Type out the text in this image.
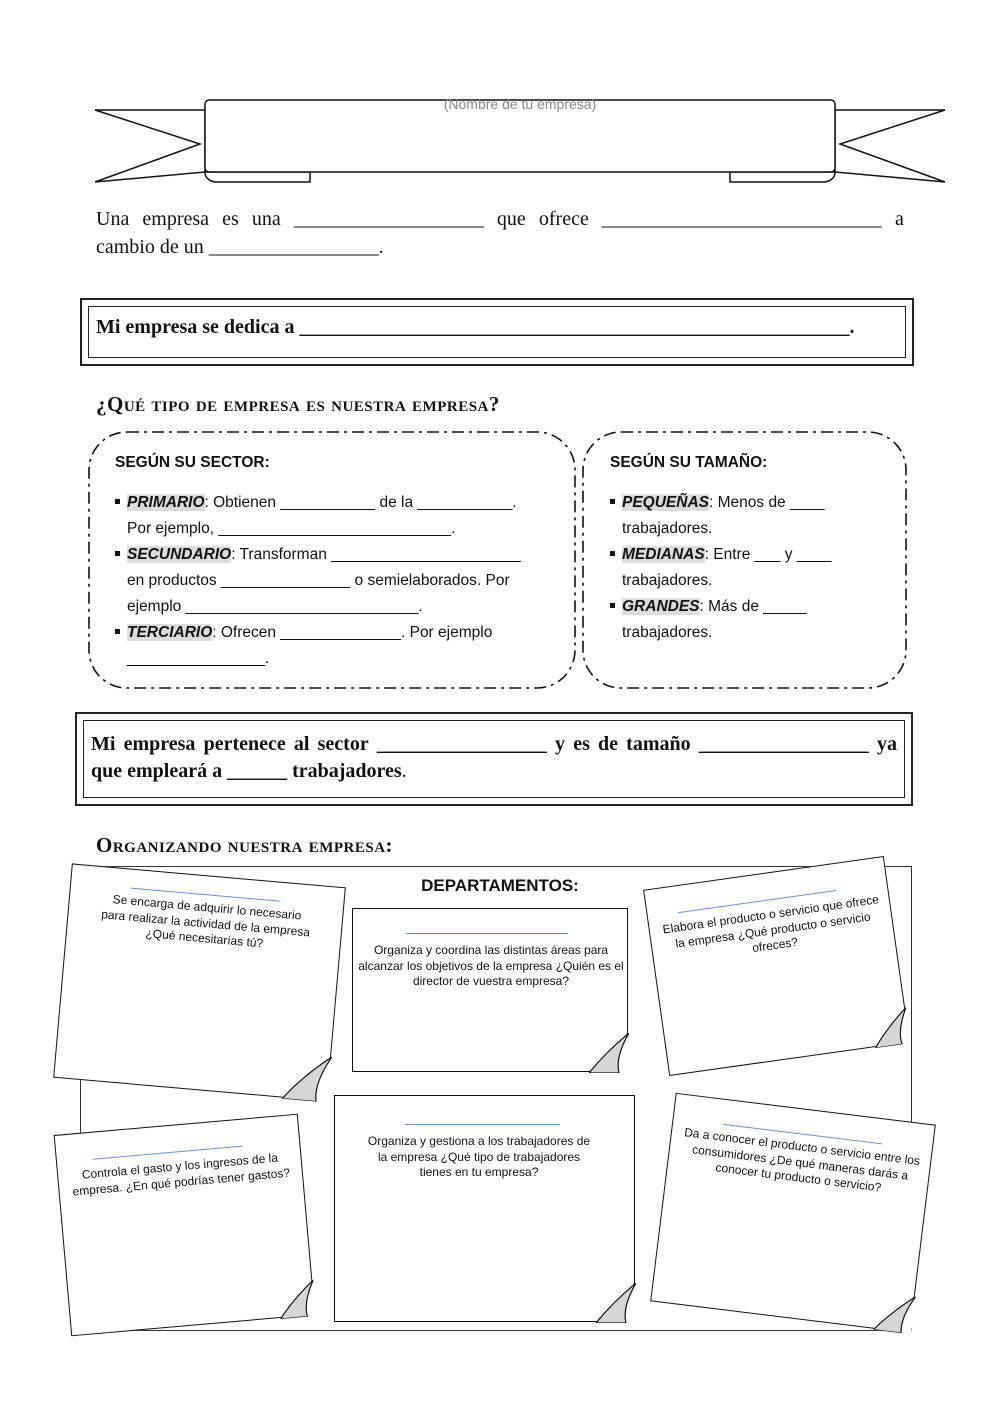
(Nombre de tu empresa)
Una empresa es una ___________________ que ofrece ____________________________ a
cambio de un _________________.
Mi empresa se dedica a _______________________________________________________.
¿Qué tipo de empresa es nuestra empresa?
SEGÚN SU SECTOR:
PRIMARIO: Obtienen ___________ de la ___________.
Por ejemplo, ___________________________.
SECUNDARIO: Transforman ______________________
en productos _______________ o semielaborados. Por
ejemplo ___________________________.
TERCIARIO: Ofrecen ______________. Por ejemplo
________________.
SEGÚN SU TAMAÑO:
PEQUEÑAS: Menos de ____
trabajadores.
MEDIANAS: Entre ___ y ____
trabajadores.
GRANDES: Más de _____
trabajadores.
Mi empresa pertenece al sector _________________ y es de tamaño _________________ ya
que empleará a ______ trabajadores.
Organizando nuestra empresa:
DEPARTAMENTOS:
Se encarga de adquirir lo necesario para realizar la actividad de la empresa ¿Qué necesitarías tú?	Organiza y coordina las distintas áreas para alcanzar los objetivos de la empresa ¿Quién es el director de vuestra empresa?
Elabora el producto o servicio que ofrece la empresa ¿Qué producto o servicio ofreces?
Controla el gasto y los ingresos de la empresa. ¿En qué podrías tener gastos?
Organiza y gestiona a los trabajadores de la empresa ¿Qué tipo de trabajadores tienes en tu empresa?
Da a conocer el producto o servicio entre los consumidores ¿De qué maneras darás a conocer tu producto o servicio?
